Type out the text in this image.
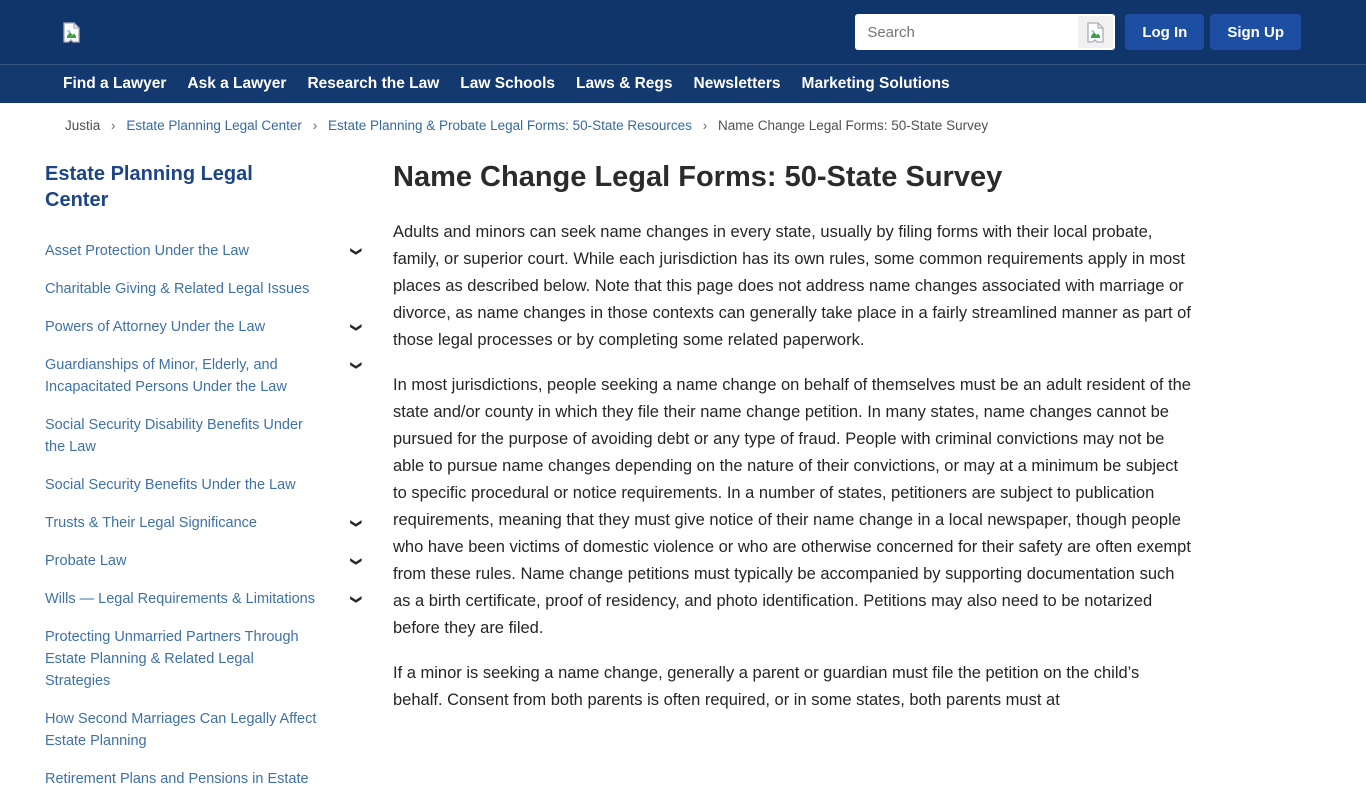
Search
Log In	Sign Up
Find a Lawyer Ask a Lawyer Research the Law Law Schools Laws & Regs Newsletters Marketing Solutions
Justia › Estate Planning Legal Center › Estate Planning & Probate Legal Forms: 50-State Resources › Name Change Legal Forms: 50-State Survey
Estate Planning Legal Center
Asset Protection Under the Law	❯
Charitable Giving & Related Legal Issues
Powers of Attorney Under the Law	❯
Guardianships of Minor, Elderly, and Incapacitated Persons Under the Law
❯
Social Security Disability Benefits Under the Law
Social Security Benefits Under the Law
Trusts & Their Legal Significance	❯
Probate Law	❯
Wills — Legal Requirements & Limitations	❯
Protecting Unmarried Partners Through Estate Planning & Related Legal Strategies
How Second Marriages Can Legally Affect Estate Planning
Retirement Plans and Pensions in Estate
Name Change Legal Forms: 50-State Survey

Adults and minors can seek name changes in every state, usually by filing forms with their local probate, family, or superior court. While each jurisdiction has its own rules, some common requirements apply in most places as described below. Note that this page does not address name changes associated with marriage or divorce, as name changes in those contexts can generally take place in a fairly streamlined manner as part of those legal processes or by completing some related paperwork.

In most jurisdictions, people seeking a name change on behalf of themselves must be an adult resident of the state and/or county in which they file their name change petition. In many states, name changes cannot be pursued for the purpose of avoiding debt or any type of fraud. People with criminal convictions may not be able to pursue name changes depending on the nature of their convictions, or may at a minimum be subject to specific procedural or notice requirements. In a number of states, petitioners are subject to publication requirements, meaning that they must give notice of their name change in a local newspaper, though people who have been victims of domestic violence or who are otherwise concerned for their safety are often exempt from these rules. Name change petitions must typically be accompanied by supporting documentation such as a birth certificate, proof of residency, and photo identification. Petitions may also need to be notarized before they are filed.

If a minor is seeking a name change, generally a parent or guardian must file the petition on the child’s behalf. Consent from both parents is often required, or in some states, both parents must at
